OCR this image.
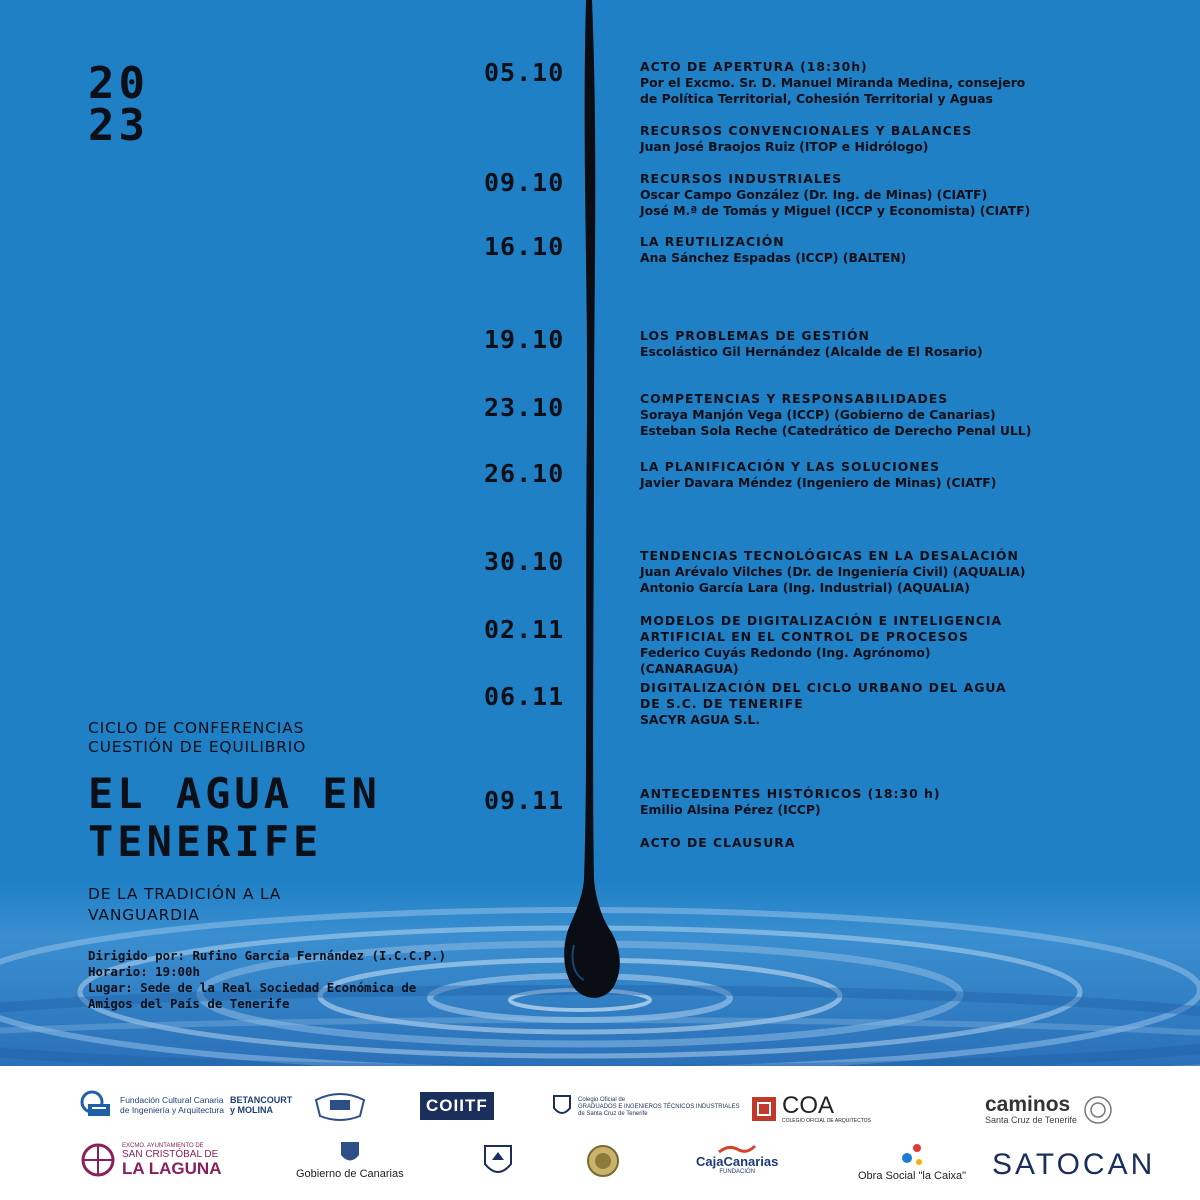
20
23
05.10	ACTO DE APERTURA (18:30h)
Por el Excmo. Sr. D. Manuel Miranda Medina, consejero
de Política Territorial, Cohesión Territorial y Aguas
RECURSOS CONVENCIONALES Y BALANCES
Juan José Braojos Ruiz (ITOP e Hidrólogo)
09.10	RECURSOS INDUSTRIALES
Oscar Campo González (Dr. Ing. de Minas) (CIATF)
José M.ª de Tomás y Miguel (ICCP y Economista) (CIATF)
16.10	LA REUTILIZACIÓN
Ana Sánchez Espadas (ICCP) (BALTEN)
19.10	LOS PROBLEMAS DE GESTIÓN
Escolástico Gil Hernández (Alcalde de El Rosario)
23.10	COMPETENCIAS Y RESPONSABILIDADES
Soraya Manjón Vega (ICCP) (Gobierno de Canarias)
Esteban Sola Reche (Catedrático de Derecho Penal ULL)
26.10	LA PLANIFICACIÓN Y LAS SOLUCIONES
Javier Davara Méndez (Ingeniero de Minas) (CIATF)
30.10	TENDENCIAS TECNOLÓGICAS EN LA DESALACIÓN
Juan Arévalo Vilches (Dr. de Ingeniería Civil) (AQUALIA)
Antonio García Lara (Ing. Industrial) (AQUALIA)
02.11	MODELOS DE DIGITALIZACIÓN E INTELIGENCIA ARTIFICIAL EN EL CONTROL DE PROCESOS
Federico Cuyás Redondo (Ing. Agrónomo) (CANARAGUA)
06.11	DIGITALIZACIÓN DEL CICLO URBANO DEL AGUA DE S.C. DE TENERIFE
SACYR AGUA S.L.
09.11	ANTECEDENTES HISTÓRICOS (18:30 h)
Emilio Alsina Pérez (ICCP)
ACTO DE CLAUSURA
CICLO DE CONFERENCIAS
CUESTIÓN DE EQUILIBRIO
EL AGUA EN
TENERIFE
DE LA TRADICIÓN A LA VANGUARDIA
Dirigido por: Rufino García Fernández (I.C.C.P.)
Horario: 19:00h
Lugar: Sede de la Real Sociedad Económica de Amigos del País de Tenerife
Fundación Cultural Canaria
de Ingeniería y Arquitectura
BETANCOURT y MOLINA	COIITF	Colegio Oficial de
GRADUADOS E INGENIEROS TÉCNICOS INDUSTRIALES
de Santa Cruz de Tenerife	COA
COLEGIO OFICIAL DE ARQUITECTOS
caminos
Santa Cruz de Tenerife
EXCMO. AYUNTAMIENTO DE
SAN CRISTÓBAL DE
LA LAGUNA	Gobierno de Canarias
CajaCanarias
FUNDACIÓN	Obra Social "la Caixa" SATOCAN
